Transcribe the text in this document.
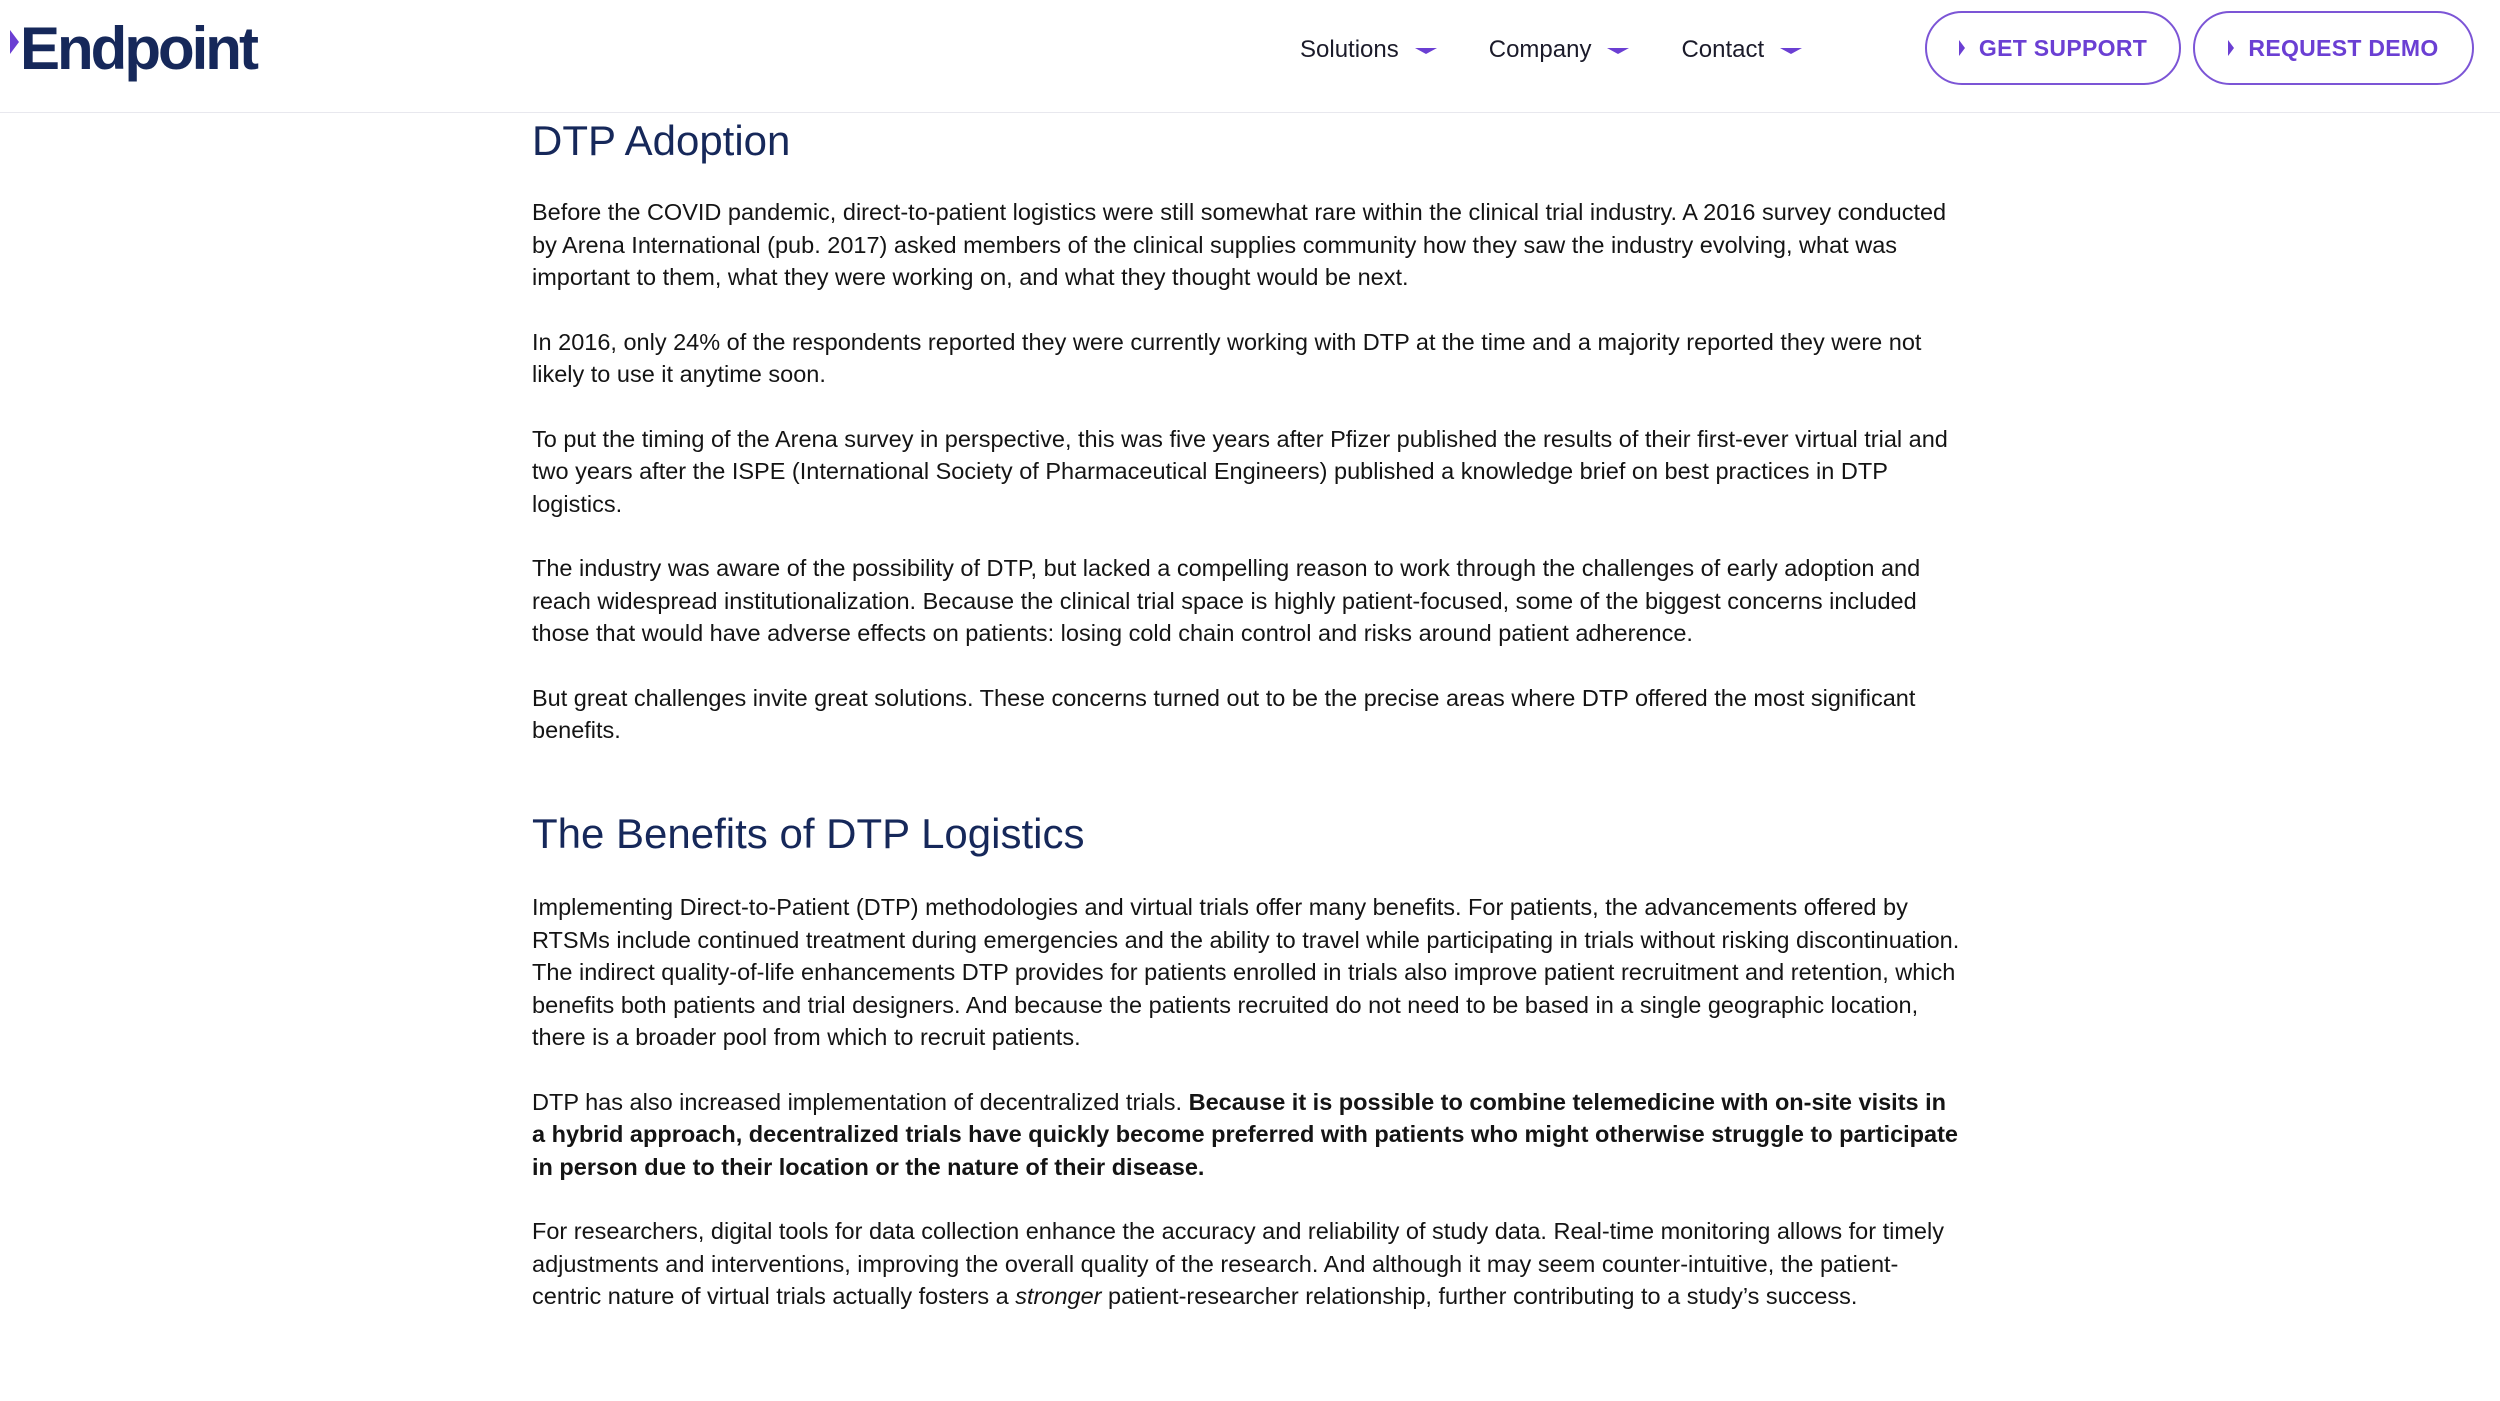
Endpoint	Solutions	Company	Contact	GET SUPPORT	REQUEST DEMO
DTP Adoption

Before the COVID pandemic, direct-to-patient logistics were still somewhat rare within the clinical trial industry. A 2016 survey conducted by Arena International (pub. 2017) asked members of the clinical supplies community how they saw the industry evolving, what was important to them, what they were working on, and what they thought would be next.

In 2016, only 24% of the respondents reported they were currently working with DTP at the time and a majority reported they were not likely to use it anytime soon.

To put the timing of the Arena survey in perspective, this was five years after Pfizer published the results of their first-ever virtual trial and two years after the ISPE (International Society of Pharmaceutical Engineers) published a knowledge brief on best practices in DTP logistics.

The industry was aware of the possibility of DTP, but lacked a compelling reason to work through the challenges of early adoption and reach widespread institutionalization. Because the clinical trial space is highly patient-focused, some of the biggest concerns included those that would have adverse effects on patients: losing cold chain control and risks around patient adherence.

But great challenges invite great solutions. These concerns turned out to be the precise areas where DTP offered the most significant benefits.

The Benefits of DTP Logistics

Implementing Direct-to-Patient (DTP) methodologies and virtual trials offer many benefits. For patients, the advancements offered by RTSMs include continued treatment during emergencies and the ability to travel while participating in trials without risking discontinuation. The indirect quality-of-life enhancements DTP provides for patients enrolled in trials also improve patient recruitment and retention, which benefits both patients and trial designers. And because the patients recruited do not need to be based in a single geographic location, there is a broader pool from which to recruit patients.

DTP has also increased implementation of decentralized trials. Because it is possible to combine telemedicine with on-site visits in a hybrid approach, decentralized trials have quickly become preferred with patients who might otherwise struggle to participate in person due to their location or the nature of their disease.

For researchers, digital tools for data collection enhance the accuracy and reliability of study data. Real-time monitoring allows for timely adjustments and interventions, improving the overall quality of the research. And although it may seem counter-intuitive, the patient-centric nature of virtual trials actually fosters a stronger patient-researcher relationship, further contributing to a study’s success.
